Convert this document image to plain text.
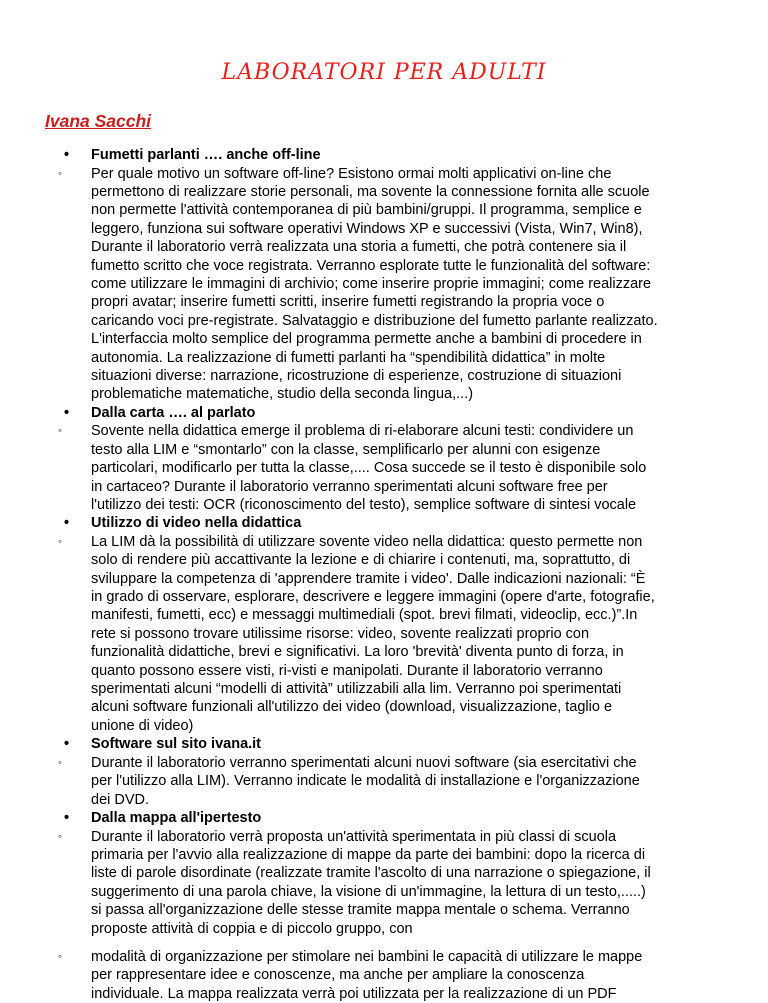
LABORATORI PER ADULTI

Ivana Sacchi

• Fumetti parlanti …. anche off-line
◦ Per quale motivo un software off-line? Esistono ormai molti applicativi on-line che
permettono di realizzare storie personali, ma sovente la connessione fornita alle scuole
non permette l'attività contemporanea di più bambini/gruppi. Il programma, semplice e
leggero, funziona sui software operativi Windows XP e successivi (Vista, Win7, Win8),
Durante il laboratorio verrà realizzata una storia a fumetti, che potrà contenere sia il
fumetto scritto che voce registrata. Verranno esplorate tutte le funzionalità del software:
come utilizzare le immagini di archivio; come inserire proprie immagini; come realizzare
propri avatar; inserire fumetti scritti, inserire fumetti registrando la propria voce o
caricando voci pre-registrate. Salvataggio e distribuzione del fumetto parlante realizzato.
L'interfaccia molto semplice del programma permette anche a bambini di procedere in
autonomia. La realizzazione di fumetti parlanti ha “spendibilità didattica” in molte
situazioni diverse: narrazione, ricostruzione di esperienze, costruzione di situazioni
problematiche matematiche, studio della seconda lingua,...)
• Dalla carta …. al parlato
◦ Sovente nella didattica emerge il problema di ri-elaborare alcuni testi: condividere un
testo alla LIM e “smontarlo” con la classe, semplificarlo per alunni con esigenze
particolari, modificarlo per tutta la classe,.... Cosa succede se il testo è disponibile solo
in cartaceo? Durante il laboratorio verranno sperimentati alcuni software free per
l'utilizzo dei testi: OCR (riconoscimento del testo), semplice software di sintesi vocale
• Utilizzo di video nella didattica
◦ La LIM dà la possibilità di utilizzare sovente video nella didattica: questo permette non
solo di rendere più accattivante la lezione e di chiarire i contenuti, ma, soprattutto, di
sviluppare la competenza di 'apprendere tramite i video'. Dalle indicazioni nazionali: “È
in grado di osservare, esplorare, descrivere e leggere immagini (opere d'arte, fotografie,
manifesti, fumetti, ecc) e messaggi multimediali (spot. brevi filmati, videoclip, ecc.)”.In
rete si possono trovare utilissime risorse: video, sovente realizzati proprio con
funzionalità didattiche, brevi e significativi. La loro 'brevità' diventa punto di forza, in
quanto possono essere visti, ri-visti e manipolati. Durante il laboratorio verranno
sperimentati alcuni “modelli di attività” utilizzabili alla lim. Verranno poi sperimentati
alcuni software funzionali all'utilizzo dei video (download, visualizzazione, taglio e
unione di video)
• Software sul sito ivana.it
◦ Durante il laboratorio verranno sperimentati alcuni nuovi software (sia esercitativi che
per l'utilizzo alla LIM). Verranno indicate le modalità di installazione e l'organizzazione
dei DVD.
• Dalla mappa all'ipertesto
◦ Durante il laboratorio verrà proposta un'attività sperimentata in più classi di scuola
primaria per l'avvio alla realizzazione di mappe da parte dei bambini: dopo la ricerca di
liste di parole disordinate (realizzate tramite l'ascolto di una narrazione o spiegazione, il
suggerimento di una parola chiave, la visione di un'immagine, la lettura di un testo,.....)
si passa all'organizzazione delle stesse tramite mappa mentale o schema. Verranno
proposte attività di coppia e di piccolo gruppo, con
◦ modalità di organizzazione per stimolare nei bambini le capacità di utilizzare le mappe
per rappresentare idee e conoscenze, ma anche per ampliare la conoscenza
individuale. La mappa realizzata verrà poi utilizzata per la realizzazione di un PDF
